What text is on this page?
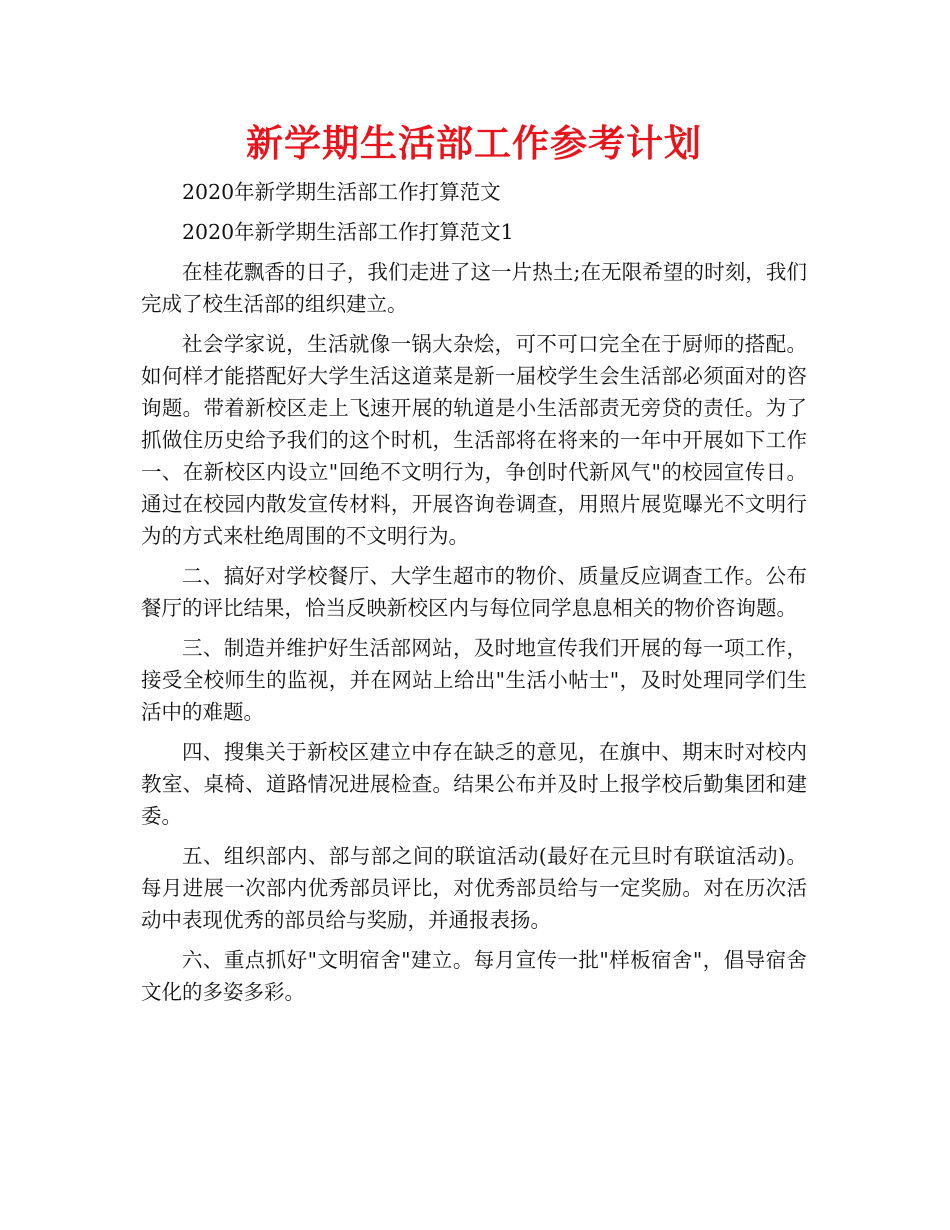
新学期生活部工作参考计划

2020年新学期生活部工作打算范文

2020年新学期生活部工作打算范文1

在桂花飘香的日子，我们走进了这一片热土;在无限希望的时刻，我们完成了校生活部的组织建立。

社会学家说，生活就像一锅大杂烩，可不可口完全在于厨师的搭配。如何样才能搭配好大学生活这道菜是新一届校学生会生活部必须面对的咨询题。带着新校区走上飞速开展的轨道是小生活部责无旁贷的责任。为了抓做住历史给予我们的这个时机，生活部将在将来的一年中开展如下工作　　一、在新校区内设立"回绝不文明行为，争创时代新风气"的校园宣传日。通过在校园内散发宣传材料，开展咨询卷调查，用照片展览曝光不文明行为的方式来杜绝周围的不文明行为。

二、搞好对学校餐厅、大学生超市的物价、质量反应调查工作。公布餐厅的评比结果，恰当反映新校区内与每位同学息息相关的物价咨询题。

三、制造并维护好生活部网站，及时地宣传我们开展的每一项工作，接受全校师生的监视，并在网站上给出"生活小帖士"，及时处理同学们生活中的难题。

四、搜集关于新校区建立中存在缺乏的意见，在旗中、期末时对校内教室、桌椅、道路情况进展检查。结果公布并及时上报学校后勤集团和建委。

五、组织部内、部与部之间的联谊活动(最好在元旦时有联谊活动)。每月进展一次部内优秀部员评比，对优秀部员给与一定奖励。对在历次活动中表现优秀的部员给与奖励，并通报表扬。

六、重点抓好"文明宿舍"建立。每月宣传一批"样板宿舍"，倡导宿舍文化的多姿多彩。
